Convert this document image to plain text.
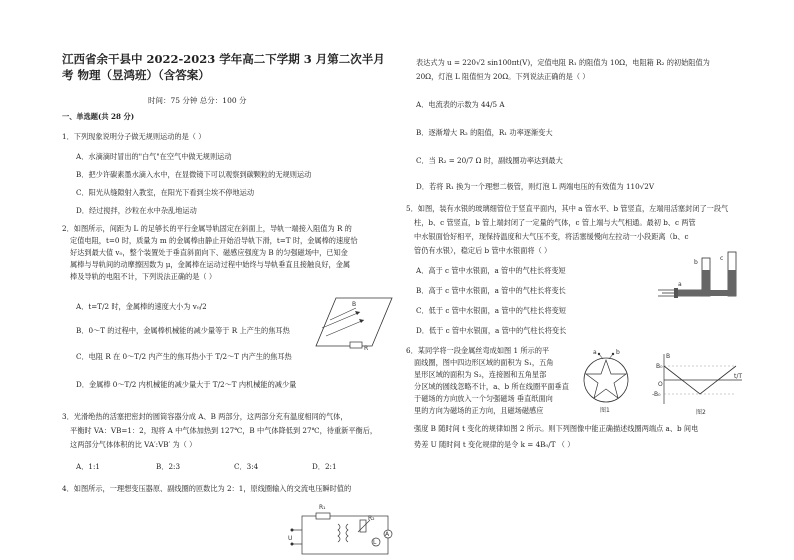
江西省余干县中 2022-2023 学年高二下学期 3 月第二次半月
考 物理（昱鸿班）（含答案）
时间：75 分钟 总分：100 分
一、单选题(共 28 分)
1．下列现象说明分子做无规则运动的是（ ）
A．水滴滴时冒出的"白气"在空气中做无规则运动
B．把少许碳素墨水滴入水中，在显微镜下可以观察到碳颗粒的无规则运动
C．阳光从缝隙射入教室，在阳光下看到尘埃不停地运动
D．经过搅拌，沙粒在水中杂乱地运动
2．如图所示，间距为 L 的足够长的平行金属导轨固定在斜面上，导轨一端接入阻值为 R 的
定值电阻，t=0 时，质量为 m 的金属棒由静止开始沿导轨下滑，t=T 时，金属棒的速度恰
好达到最大值 v₀，整个装置处于垂直斜面向下、磁感应强度为 B 的匀强磁场中，已知金
属棒与导轨间的动摩擦因数为 μ，金属棒在运动过程中始终与导轨垂直且接触良好，金属
棒及导轨的电阻不计，下列说法正确的是（ ）
A．t=T/2 时，金属棒的速度大小为 v₀/2
B．0～T 的过程中，金属棒机械能的减少量等于 R 上产生的焦耳热
C．电阻 R 在 0～T/2 内产生的焦耳热小于 T/2～T 内产生的焦耳热
D．金属棒 0～T/2 内机械能的减少量大于 T/2～T 内机械能的减少量
B
R
3．光滑绝热的活塞把密封的圆筒容器分成 A、B 两部分，这两部分充有温度相同的气体，
平衡时 VA：VB=1：2，现将 A 中气体加热到 127℃，B 中气体降低到 27℃，待重新平衡后，
这两部分气体体积的比 VA′:VB′ 为（ ）
A．1:1	B．2:3	C．3:4	D．2:1
4．如图所示，一理想变压器原、副线圈的匝数比为 2：1，原线圈输入的交流电压瞬时值的
R₁
R₂
U
L
A
表达式为 u = 220√2 sin100πt(V)，定值电阻 R₁ 的阻值为 10Ω，电阻箱 R₂ 的初始阻值为
20Ω，灯泡 L 阻值恒为 20Ω。下列说法正确的是（ ）
A．电流表的示数为 44/5 A
B．逐渐增大 R₂ 的阻值，R₁ 功率逐渐变大
C．当 R₂ = 20/7 Ω 时，副线圈功率达到最大
D．若将 R₁ 换为一个理想二极管，则灯泡 L 两端电压的有效值为 110√2V
5．如图，装有水银的玻璃细管位于竖直平面内，其中 a 管水平、b 管竖直，左端用活塞封闭了一段气
柱，b、c 管竖直，b 管上端封闭了一定量的气体，c 管上端与大气相通。最初 b、c 两管
中水银面恰好相平，现保持温度和大气压不变，将活塞缓慢向左拉动一小段距离（b、c
管仍有水银），稳定后 b 管中水银面将（ ）
A．高于 c 管中水银面，a 管中的气柱长将变短
B．高于 c 管中水银面，a 管中的气柱长将变长
C．低于 c 管中水银面，a 管中的气柱长将变短
D．低于 c 管中水银面，a 管中的气柱长将变长
a
b
c
6．某同学将一段金属丝弯成如图 1 所示的平
面线圈，图中四边形区域的面积为 S₁，五角
星形区域的面积为 S₂，连接圆和五角星部
分区域的圆线忽略不计，a、b 所在线圈平面垂直
于磁场的方向放入一个匀强磁场 垂直纸面向
里的方向为磁场的正方向，且磁场磁感应
强度 B 随时间 t 变化的规律如图 2 所示。则下列图像中能正确描述线圈两端点 a、b 间电
势差 U 随时间 t 变化规律的是令 k = 4B₀/T （ ）
a	b
图1
B
B₀
-B₀
O
t/T
图2
